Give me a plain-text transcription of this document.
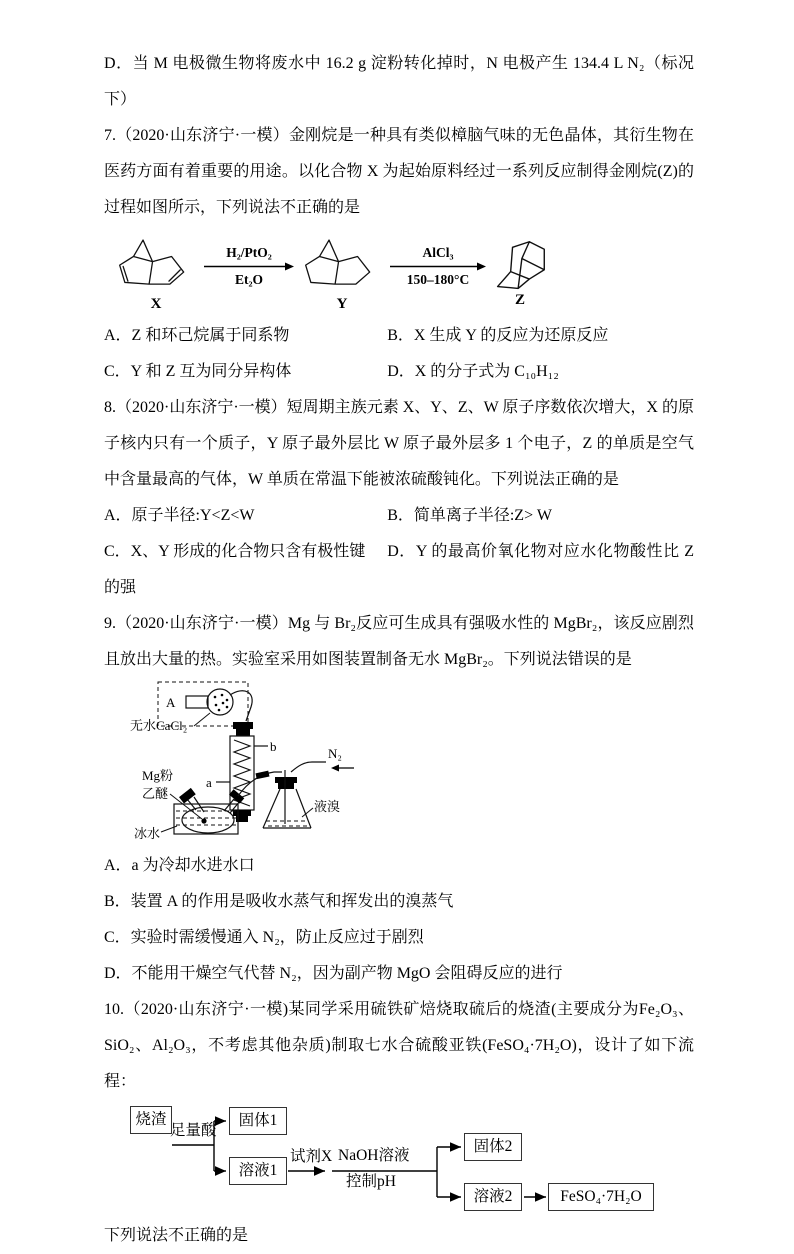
D．当 M 电极微生物将废水中 16.2 g 淀粉转化掉时，N 电极产生 134.4 L N₂（标况下）

7.（2020·山东济宁·一模）金刚烷是一种具有类似樟脑气味的无色晶体，其衍生物在医药方面有着重要的用途。以化合物 X 为起始原料经过一系列反应制得金刚烷(Z)的过程如图所示，下列说法不正确的是

X
H₂/PtO₂
Et₂O
Y
AlCl₃
150–180°C
Z

A．Z 和环己烷属于同系物	B．X 生成 Y 的反应为还原反应

C．Y 和 Z 互为同分异构体	D．X 的分子式为 C₁₀H₁₂

8.（2020·山东济宁·一模）短周期主族元素 X、Y、Z、W 原子序数依次增大，X 的原子核内只有一个质子，Y 原子最外层比 W 原子最外层多 1 个电子，Z 的单质是空气中含量最高的气体，W 单质在常温下能被浓硫酸钝化。下列说法正确的是

A．原子半径:Y<Z<W	B．简单离子半径:Z> W

C．X、Y 形成的化合物只含有极性键 D．Y 的最高价氧化物对应水化物酸性比 Z 的强

9.（2020·山东济宁·一模）Mg 与 Br₂反应可生成具有强吸水性的 MgBr₂，该反应剧烈且放出大量的热。实验室采用如图装置制备无水 MgBr₂。下列说法错误的是

A
b
a
N₂
无水CaCl₂
Mg粉
乙醚
冰水
液溴

A．a 为冷却水进水口

B．装置 A 的作用是吸收水蒸气和挥发出的溴蒸气

C．实验时需缓慢通入 N₂，防止反应过于剧烈

D．不能用干燥空气代替 N₂，因为副产物 MgO 会阻碍反应的进行

10.（2020·山东济宁·一模)某同学采用硫铁矿焙烧取硫后的烧渣(主要成分为Fe₂O₃、SiO₂、Al₂O₃，不考虑其他杂质)制取七水合硫酸亚铁(FeSO₄·7H₂O)，设计了如下流程：

烧渣
足量酸
固体1
溶液1
试剂X NaOH溶液
控制pH
固体2
溶液2	FeSO₄·7H₂O

下列说法不正确的是
